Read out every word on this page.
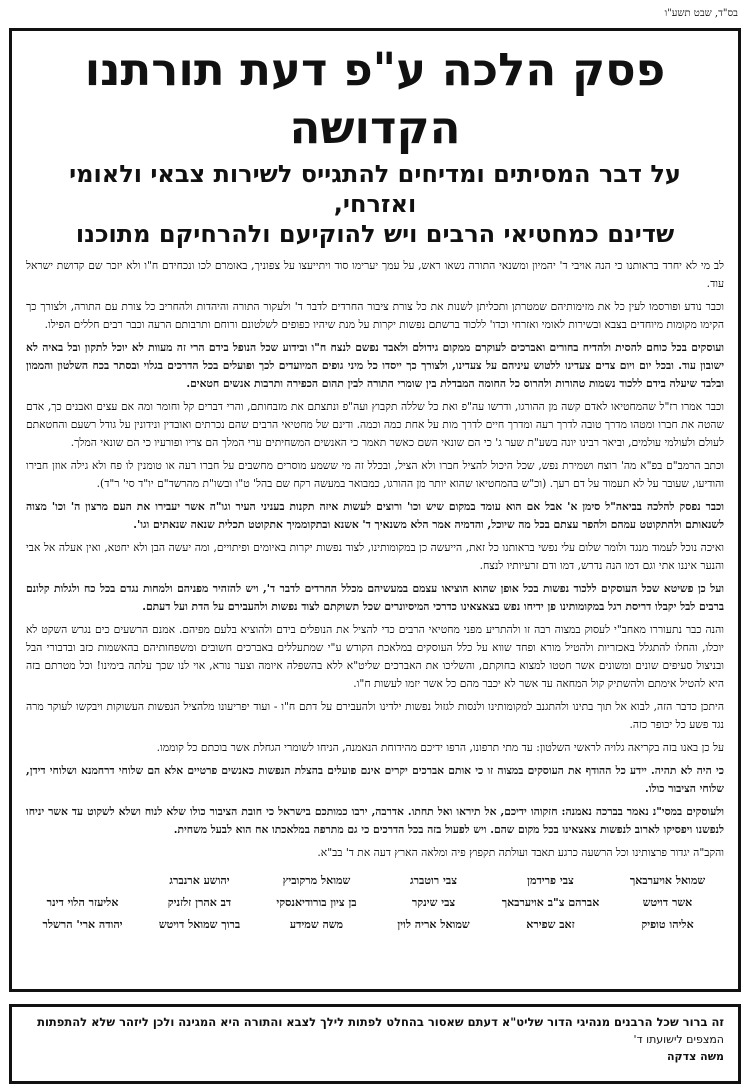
בס"ד, שבט תשע"ו
פסק הלכה ע"פ דעת תורתנו הקדושה
על דבר המסיתים ומדיחים להתגייס לשירות צבאי ולאומי ואזרחי,
שדינם כמחטיאי הרבים ויש להוקיעם ולהרחיקם מתוכנו

לב מי לא יחרד בראותנו כי הנה אויבי ד' יהמיון ומשנאי התורה נשאו ראש, על עמך יערימו סוד ויתייעצו על צפוניך, באומרם לכו ונכחידם ח"ו ולא יזכר שם קדושת ישראל עוד.

וכבר נודע ופורסמו לעין כל את מזימותיהם שמטרתן ותכליתן לשנות את כל צורת ציבור החרדים לדבר ד' ולעקור התורה והיהדות ולהחריב כל צורת עם התורה, ולצורך כך הקימו מקומות מיוחדים בצבא ובשירות לאומי ואזרחי וכדו' ללכוד ברשתם נפשות יקרות על מנת שיהיו כפופים לשלטונם ורוחם ותרבותם הרעה וכבר רבים חללים הפילו.

ועוסקים בכל כוחם להסית ולהדיח בחורים ואברכים לעוקרם ממקום גידולם ולאבד נפשם לנצח ח"ו ובידוע שכל הנופל בידם הרי זה מעוות לא יוכל לתקון ובל באיה לא ישובון עוד. ובכל יום ויום צדים צעדינו ללטוש עיניהם על צעדינו, ולצורך כך ייסדו כל מיני גופים המיועדים לכך ופועלים בכל הדרכים בגלוי ובסתר בכח השלטון והממון ובלבד שיעלה בידם ללכוד נשמות טהורות ולהרוס כל החומה המבדלת בין שומרי התורה לבין תהום הכפירה ותרבות אנשים חטאים.

וכבר אמרו רז"ל שהמחטיאו לאדם קשה מן ההורגו, ודרשו עה"פ ואת כל שללה תקבוץ ועה"פ ונתצתם את מזבחותם, והרי דברים קל וחומר ומה אם עצים ואבנים כך, אדם שהטה את חברו ומטהו מדרך טובה לדרך רעה ומדרך חיים לדרך מות על אחת כמה וכמה. ודינם של מחטיאי הרבים שהם נכרתים ואובדין ונידונין על גודל רשעם והחטאתם לעולם ולעולמי עולמים, וביאר רבינו יונה בשע"ת שער ג' כי הם שונאי השם כאשר תאמר כי האנשים המשחיתים ערי המלך הם צריו ופורעיו כי הם שונאי המלך.

וכתב הרמב"ם בפ"א מה' רוצח ושמירת נפש, שכל היכול להציל חברו ולא הציל, ובכלל זה מי ששמע מוסרים מחשבים על חברו רעה או טומנין לו פח ולא גילה אוזן חבירו והודיעו, שעובר על לא תעמוד על דם רעך. (וכ"ש בהמחטיאו שהוא יותר מן ההורגו, כמבואר במעשה רקח שם בהל' ט"ו ובשו"ת מהרשד"ם יו"ד סי' ר"ד).

וכבר נפסק להלכה בביאה"ל סימן א' אבל אם הוא עומד במקום שיש וכו' ורוצים לעשות איזה תקנות בעניני העיר וגו"ה אשר יעבירו את העם מרצון ה' וכו' מצוה לשנאותם ולהתקוטט עמהם ולהפר עצתם בכל מה שיוכל, והדמיה אמר הלא משנאיך ד' אשנא ובתקוממיך אתקוטט תכלית שנאה שנאתים וגו'.

ואיכה נוכל לעמוד מנגד ולומר שלום עלי נפשי בראותנו כל זאת, הייעשה כן במקומותינו, לצוד נפשות יקרות באיומים ופיתויים, ומה יעשה הבן ולא יחטא, ואין אעלה אל אבי והנער איננו אתי וגם דמו הנה נדרש, דמו ודם זרעיותיו לנצח.

ועל כן פשיטא שכל העוסקים ללכוד נפשות בכל אופן שהוא הוציאו עצמם במעשיהם מכלל החרדים לדבר ד', ויש להזהיר מפניהם ולמחות נגדם בכל כח ולגלות קלונם ברבים לבל יקבלו דריסת רגל במקומותינו פן ידיחו נפש בצאצאינו כדרכי המיסיונרים שכל תשוקתם לצוד נפשות ולהעבירם על הדת ועל דעתם.

והנה כבר נתעוררו מאחב"י לעסוק במצוה רבה זו ולהתריע מפני מחטיאי הרבים כדי להציל את הנופלים בידם ולהוציא בלעם מפיהם. אמנם הרשעים כים נגרש השקט לא יוכלו, והחלו להתגלל באכזריות ולהטיל מורא ופחד שווא על כלל העוסקים במלאכת הקודש ע"י שמתעללים באברכים חשובים ומשפחותיהם בהאשמות כזב ובדבורי הבל ובניצול סעיפים שונים ומשונים אשר חטטו למצוא בחוקתם, והשליכו את האברכים שליט"א ללא בהשפלה איומה וצער נורא, אוי לנו שכך עלתה בימינו! וכל מטרתם בזה היא להטיל אימתם ולהשתיק קול המחאה עד אשר לא יכבר מהם כל אשר יזמו לעשות ח"ו.

היתכן כדבר הזה, לבוא אל תוך בתינו ולהתגנב למקומותינו ולנסות לגזול נפשות ילדינו ולהעבירם על דתם ח"ו - ועוד יפריעונו מלהציל הנפשות העשוקות ויבקשו לעוקר מרה נגד פשע כל יכופר כזה.

על כן באנו בזה בקריאה גלויה לראשי השלטון: עד מתי תרפונו, הרפו ידיכם מהידוחת הנאמנה, הניחו לשומרי הגחלת אשר בוכתם כל קוממו.

כי היה לא תהיה. יידע כל ההודף את העוסקים במצוה זו כי אותם אברכים יקרים אינם פועלים בהצלת הנפשות כאנשים פרטיים אלא הם שלוחי דרחמנא ושלוחי דידן, שלוחי הציבור כולו.

ולעוסקים במסי"נ נאמר בברכה נאמנה: חזקוהו ידיכם, אל תיראו ואל תחתו. אדרבה, ירבו כמותכם בישראל כי חובת הציבור כולו שלא לנוח ושלא לשקוט עד אשר יניחו לנפשנו ויפסיקו לארוב לנפשות צאצאינו בכל מקום שהם. ויש לפעול בזה בכל הדרכים כי גם מתרפה במלאכתו אח הוא לבעל משחית.

והקב"ה יגדור פרצותינו וכל הרשעה כרגע תאבד ועולתה תקפוץ פיה ומלאה הארץ דעה את ד' בב"א.

שמואל אויערבאך
צבי פרידמן
צבי רוטברג
שמואל מרקוביץ
יהושע ארנברג
אשר דויטש
אברהם צ"ב אויערבאך
צבי שינקר
בן ציון בורודיאנסקי
דב אהרן זלזניק
אליעזר הלוי דינר
אליהו טופיק
זאב שפירא
שמואל אריה לוין
משה שמידע
ברוך שמואל דויטש
יהודה ארי' הרשלר
זה ברור שכל הרבנים מנהיגי הדור שליט"א דעתם שאסור בהחלט לפתות לילך לצבא והתורה היא המגינה ולכן ליזהר שלא להתפתות
המצפים לישועתו ד'
משה צדקה
